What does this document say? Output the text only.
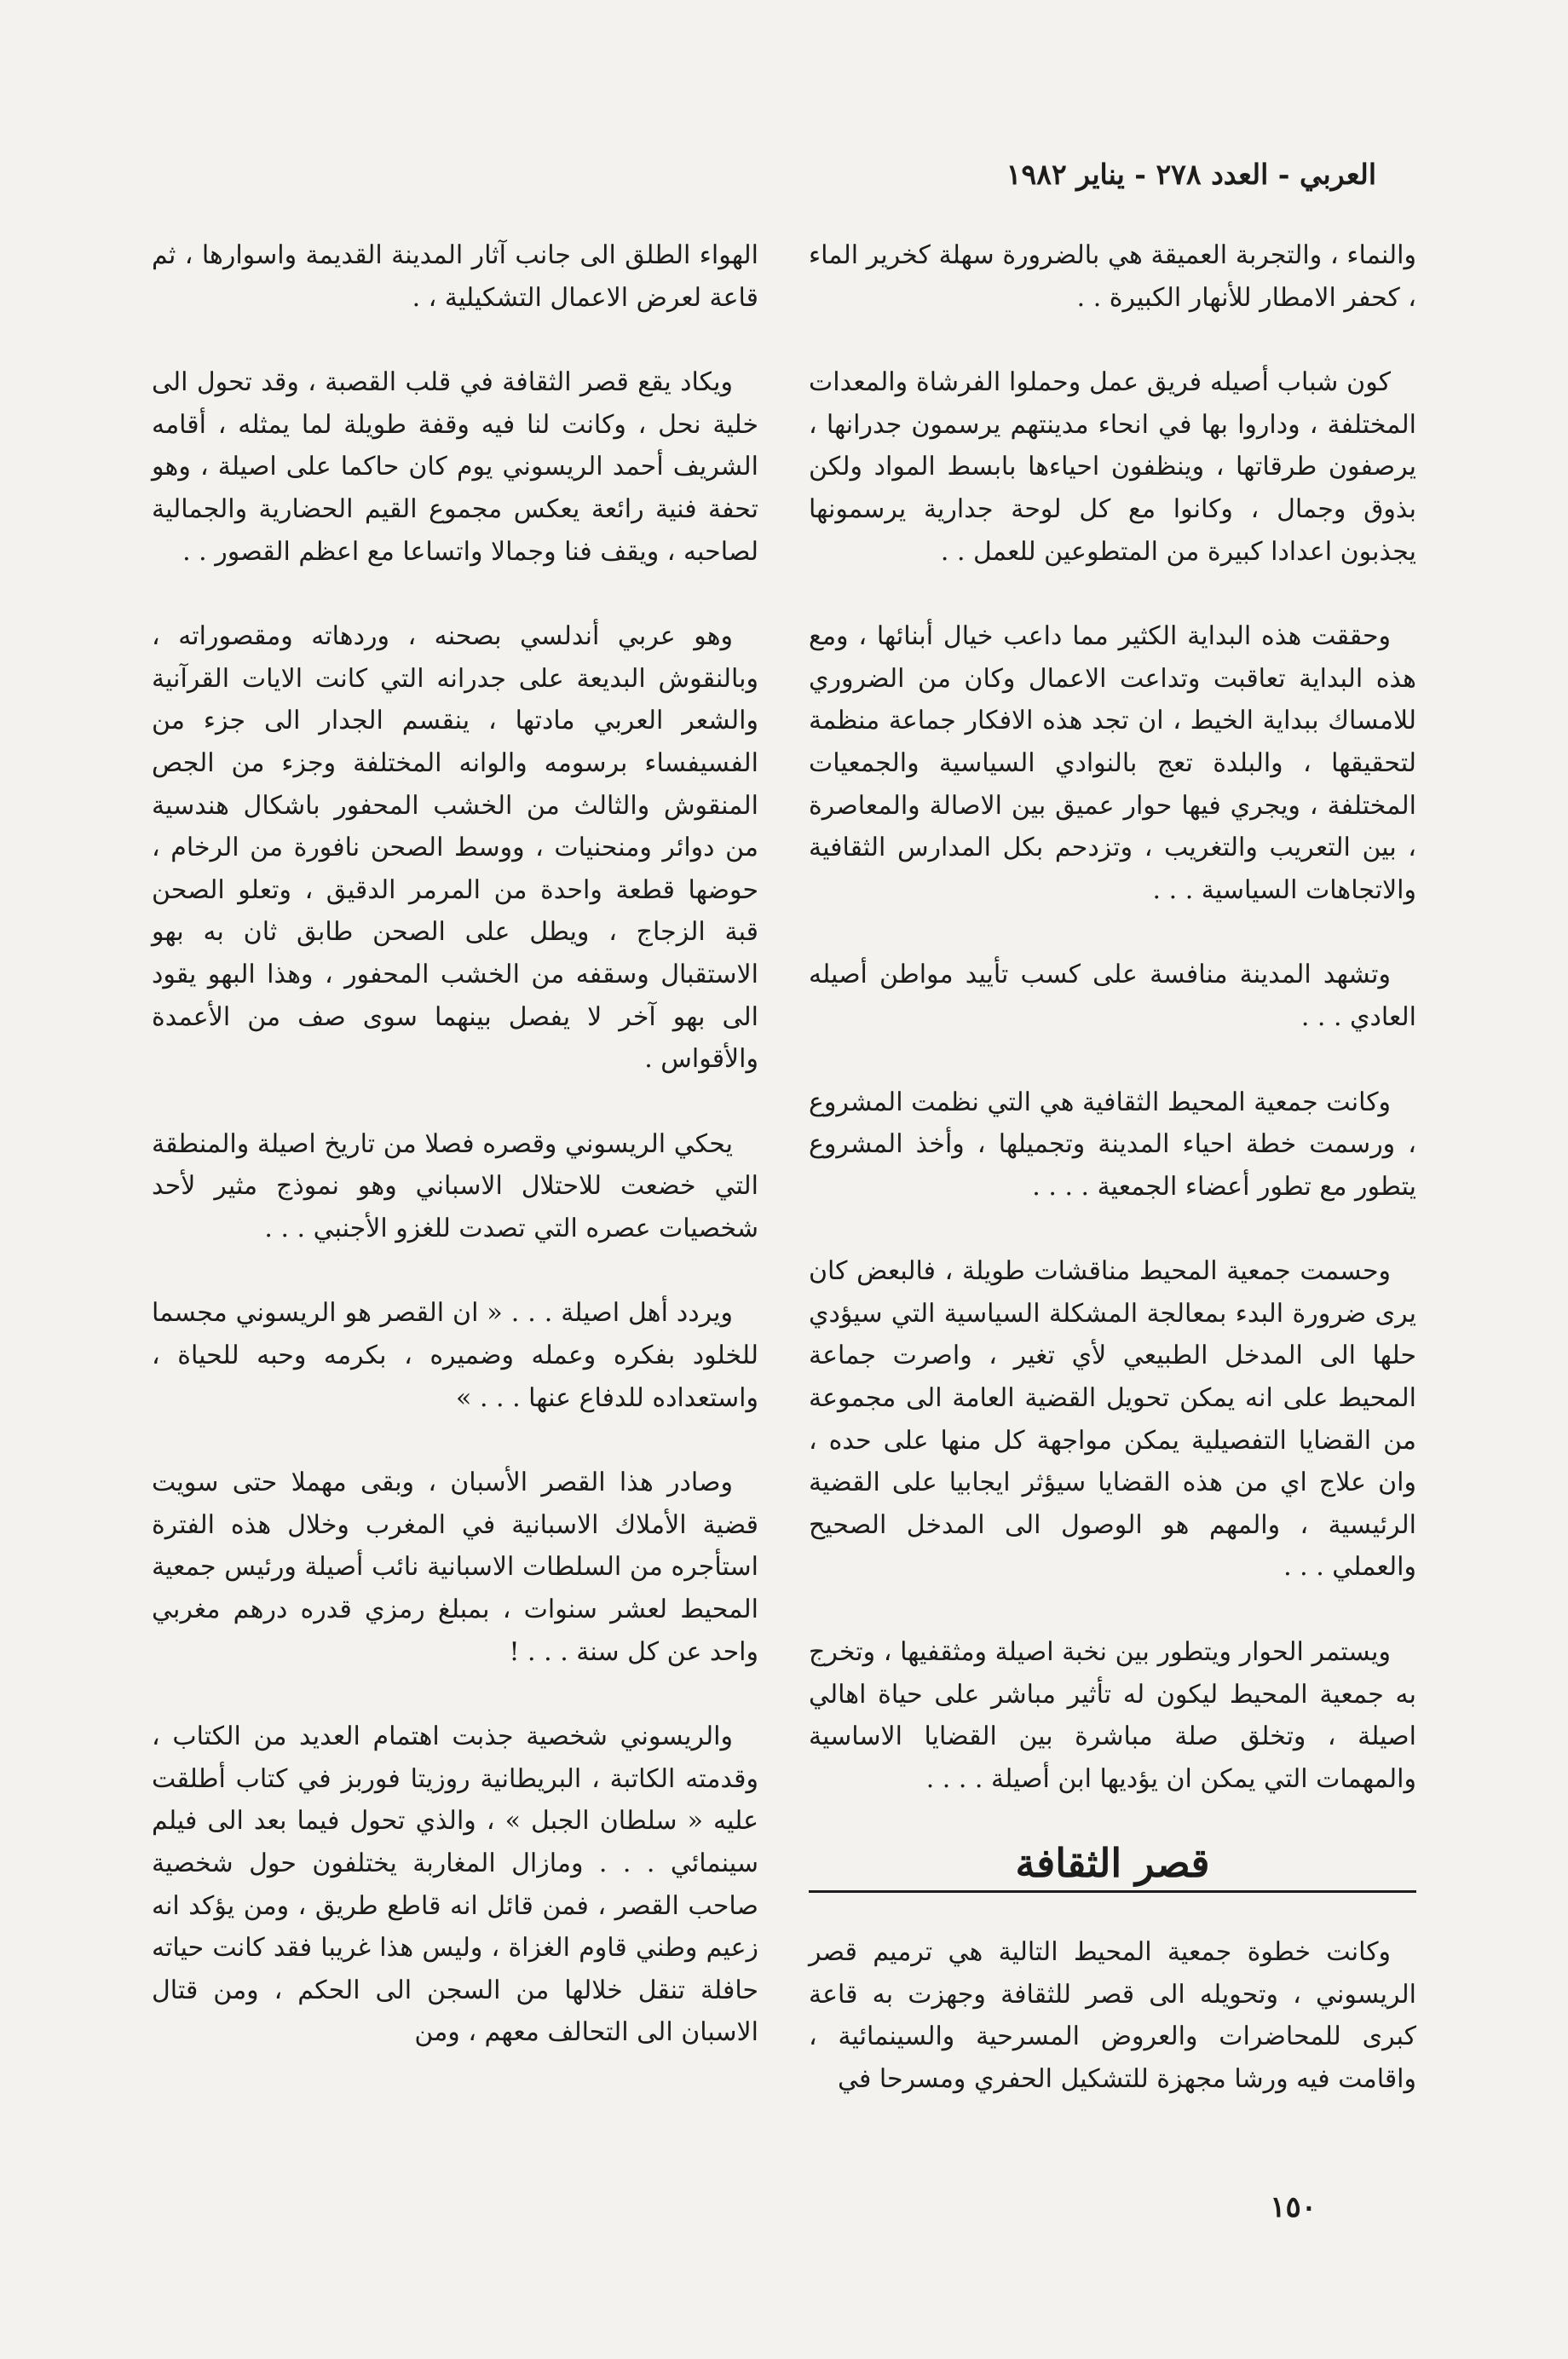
العربي - العدد ٢٧٨ - يناير ١٩٨٢

والنماء ، والتجربة العميقة هي بالضرورة سهلة كخرير الماء ، كحفر الامطار للأنهار الكبيرة . .

كون شباب أصيله فريق عمل وحملوا الفرشاة والمعدات المختلفة ، وداروا بها في انحاء مدينتهم يرسمون جدرانها ، يرصفون طرقاتها ، وينظفون احياءها بابسط المواد ولكن بذوق وجمال ، وكانوا مع كل لوحة جدارية يرسمونها يجذبون اعدادا كبيرة من المتطوعين للعمل . .

وحققت هذه البداية الكثير مما داعب خيال أبنائها ، ومع هذه البداية تعاقبت وتداعت الاعمال وكان من الضروري للامساك ببداية الخيط ، ان تجد هذه الافكار جماعة منظمة لتحقيقها ، والبلدة تعج بالنوادي السياسية والجمعيات المختلفة ، ويجري فيها حوار عميق بين الاصالة والمعاصرة ، بين التعريب والتغريب ، وتزدحم بكل المدارس الثقافية والاتجاهات السياسية . . .

وتشهد المدينة منافسة على كسب تأييد مواطن أصيله العادي . . .

وكانت جمعية المحيط الثقافية هي التي نظمت المشروع ، ورسمت خطة احياء المدينة وتجميلها ، وأخذ المشروع يتطور مع تطور أعضاء الجمعية . . . .

وحسمت جمعية المحيط مناقشات طويلة ، فالبعض كان يرى ضرورة البدء بمعالجة المشكلة السياسية التي سيؤدي حلها الى المدخل الطبيعي لأي تغير ، واصرت جماعة المحيط على انه يمكن تحويل القضية العامة الى مجموعة من القضايا التفصيلية يمكن مواجهة كل منها على حده ، وان علاج اي من هذه القضايا سيؤثر ايجابيا على القضية الرئيسية ، والمهم هو الوصول الى المدخل الصحيح والعملي . . .

ويستمر الحوار ويتطور بين نخبة اصيلة ومثقفيها ، وتخرج به جمعية المحيط ليكون له تأثير مباشر على حياة اهالي اصيلة ، وتخلق صلة مباشرة بين القضايا الاساسية والمهمات التي يمكن ان يؤديها ابن أصيلة . . . .

قصر الثقافة

وكانت خطوة جمعية المحيط التالية هي ترميم قصر الريسوني ، وتحويله الى قصر للثقافة وجهزت به قاعة كبرى للمحاضرات والعروض المسرحية والسينمائية ، واقامت فيه ورشا مجهزة للتشكيل الحفري ومسرحا في

الهواء الطلق الى جانب آثار المدينة القديمة واسوارها ، ثم قاعة لعرض الاعمال التشكيلية ، .

ويكاد يقع قصر الثقافة في قلب القصبة ، وقد تحول الى خلية نحل ، وكانت لنا فيه وقفة طويلة لما يمثله ، أقامه الشريف أحمد الريسوني يوم كان حاكما على اصيلة ، وهو تحفة فنية رائعة يعكس مجموع القيم الحضارية والجمالية لصاحبه ، ويقف فنا وجمالا واتساعا مع اعظم القصور . .

وهو عربي أندلسي بصحنه ، وردهاته ومقصوراته ، وبالنقوش البديعة على جدرانه التي كانت الايات القرآنية والشعر العربي مادتها ، ينقسم الجدار الى جزء من الفسيفساء برسومه والوانه المختلفة وجزء من الجص المنقوش والثالث من الخشب المحفور باشكال هندسية من دوائر ومنحنيات ، ووسط الصحن نافورة من الرخام ، حوضها قطعة واحدة من المرمر الدقيق ، وتعلو الصحن قبة الزجاج ، ويطل على الصحن طابق ثان به بهو الاستقبال وسقفه من الخشب المحفور ، وهذا البهو يقود الى بهو آخر لا يفصل بينهما سوى صف من الأعمدة والأقواس .

يحكي الريسوني وقصره فصلا من تاريخ اصيلة والمنطقة التي خضعت للاحتلال الاسباني وهو نموذج مثير لأحد شخصيات عصره التي تصدت للغزو الأجنبي . . .

ويردد أهل اصيلة . . . « ان القصر هو الريسوني مجسما للخلود بفكره وعمله وضميره ، بكرمه وحبه للحياة ، واستعداده للدفاع عنها . . . »

وصادر هذا القصر الأسبان ، وبقى مهملا حتى سويت قضية الأملاك الاسبانية في المغرب وخلال هذه الفترة استأجره من السلطات الاسبانية نائب أصيلة ورئيس جمعية المحيط لعشر سنوات ، بمبلغ رمزي قدره درهم مغربي واحد عن كل سنة . . . !

والريسوني شخصية جذبت اهتمام العديد من الكتاب ، وقدمته الكاتبة ، البريطانية روزيتا فوربز في كتاب أطلقت عليه « سلطان الجبل » ، والذي تحول فيما بعد الى فيلم سينمائي . . . ومازال المغاربة يختلفون حول شخصية صاحب القصر ، فمن قائل انه قاطع طريق ، ومن يؤكد انه زعيم وطني قاوم الغزاة ، وليس هذا غريبا فقد كانت حياته حافلة تنقل خلالها من السجن الى الحكم ، ومن قتال الاسبان الى التحالف معهم ، ومن

١٥٠
